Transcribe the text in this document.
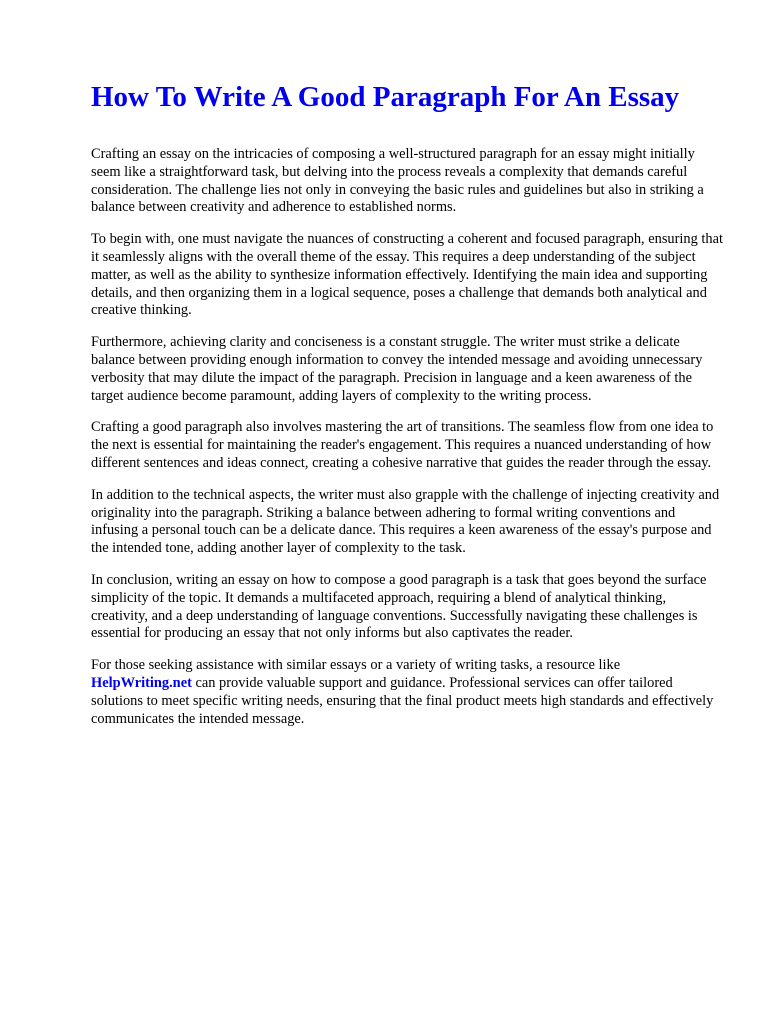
How To Write A Good Paragraph For An Essay

Crafting an essay on the intricacies of composing a well-structured paragraph for an essay might initially seem like a straightforward task, but delving into the process reveals a complexity that demands careful consideration. The challenge lies not only in conveying the basic rules and guidelines but also in striking a balance between creativity and adherence to established norms.

To begin with, one must navigate the nuances of constructing a coherent and focused paragraph, ensuring that it seamlessly aligns with the overall theme of the essay. This requires a deep understanding of the subject matter, as well as the ability to synthesize information effectively. Identifying the main idea and supporting details, and then organizing them in a logical sequence, poses a challenge that demands both analytical and creative thinking.

Furthermore, achieving clarity and conciseness is a constant struggle. The writer must strike a delicate balance between providing enough information to convey the intended message and avoiding unnecessary verbosity that may dilute the impact of the paragraph. Precision in language and a keen awareness of the target audience become paramount, adding layers of complexity to the writing process.

Crafting a good paragraph also involves mastering the art of transitions. The seamless flow from one idea to the next is essential for maintaining the reader's engagement. This requires a nuanced understanding of how different sentences and ideas connect, creating a cohesive narrative that guides the reader through the essay.

In addition to the technical aspects, the writer must also grapple with the challenge of injecting creativity and originality into the paragraph. Striking a balance between adhering to formal writing conventions and infusing a personal touch can be a delicate dance. This requires a keen awareness of the essay's purpose and the intended tone, adding another layer of complexity to the task.

In conclusion, writing an essay on how to compose a good paragraph is a task that goes beyond the surface simplicity of the topic. It demands a multifaceted approach, requiring a blend of analytical thinking, creativity, and a deep understanding of language conventions. Successfully navigating these challenges is essential for producing an essay that not only informs but also captivates the reader.

For those seeking assistance with similar essays or a variety of writing tasks, a resource like HelpWriting.net can provide valuable support and guidance. Professional services can offer tailored solutions to meet specific writing needs, ensuring that the final product meets high standards and effectively communicates the intended message.
